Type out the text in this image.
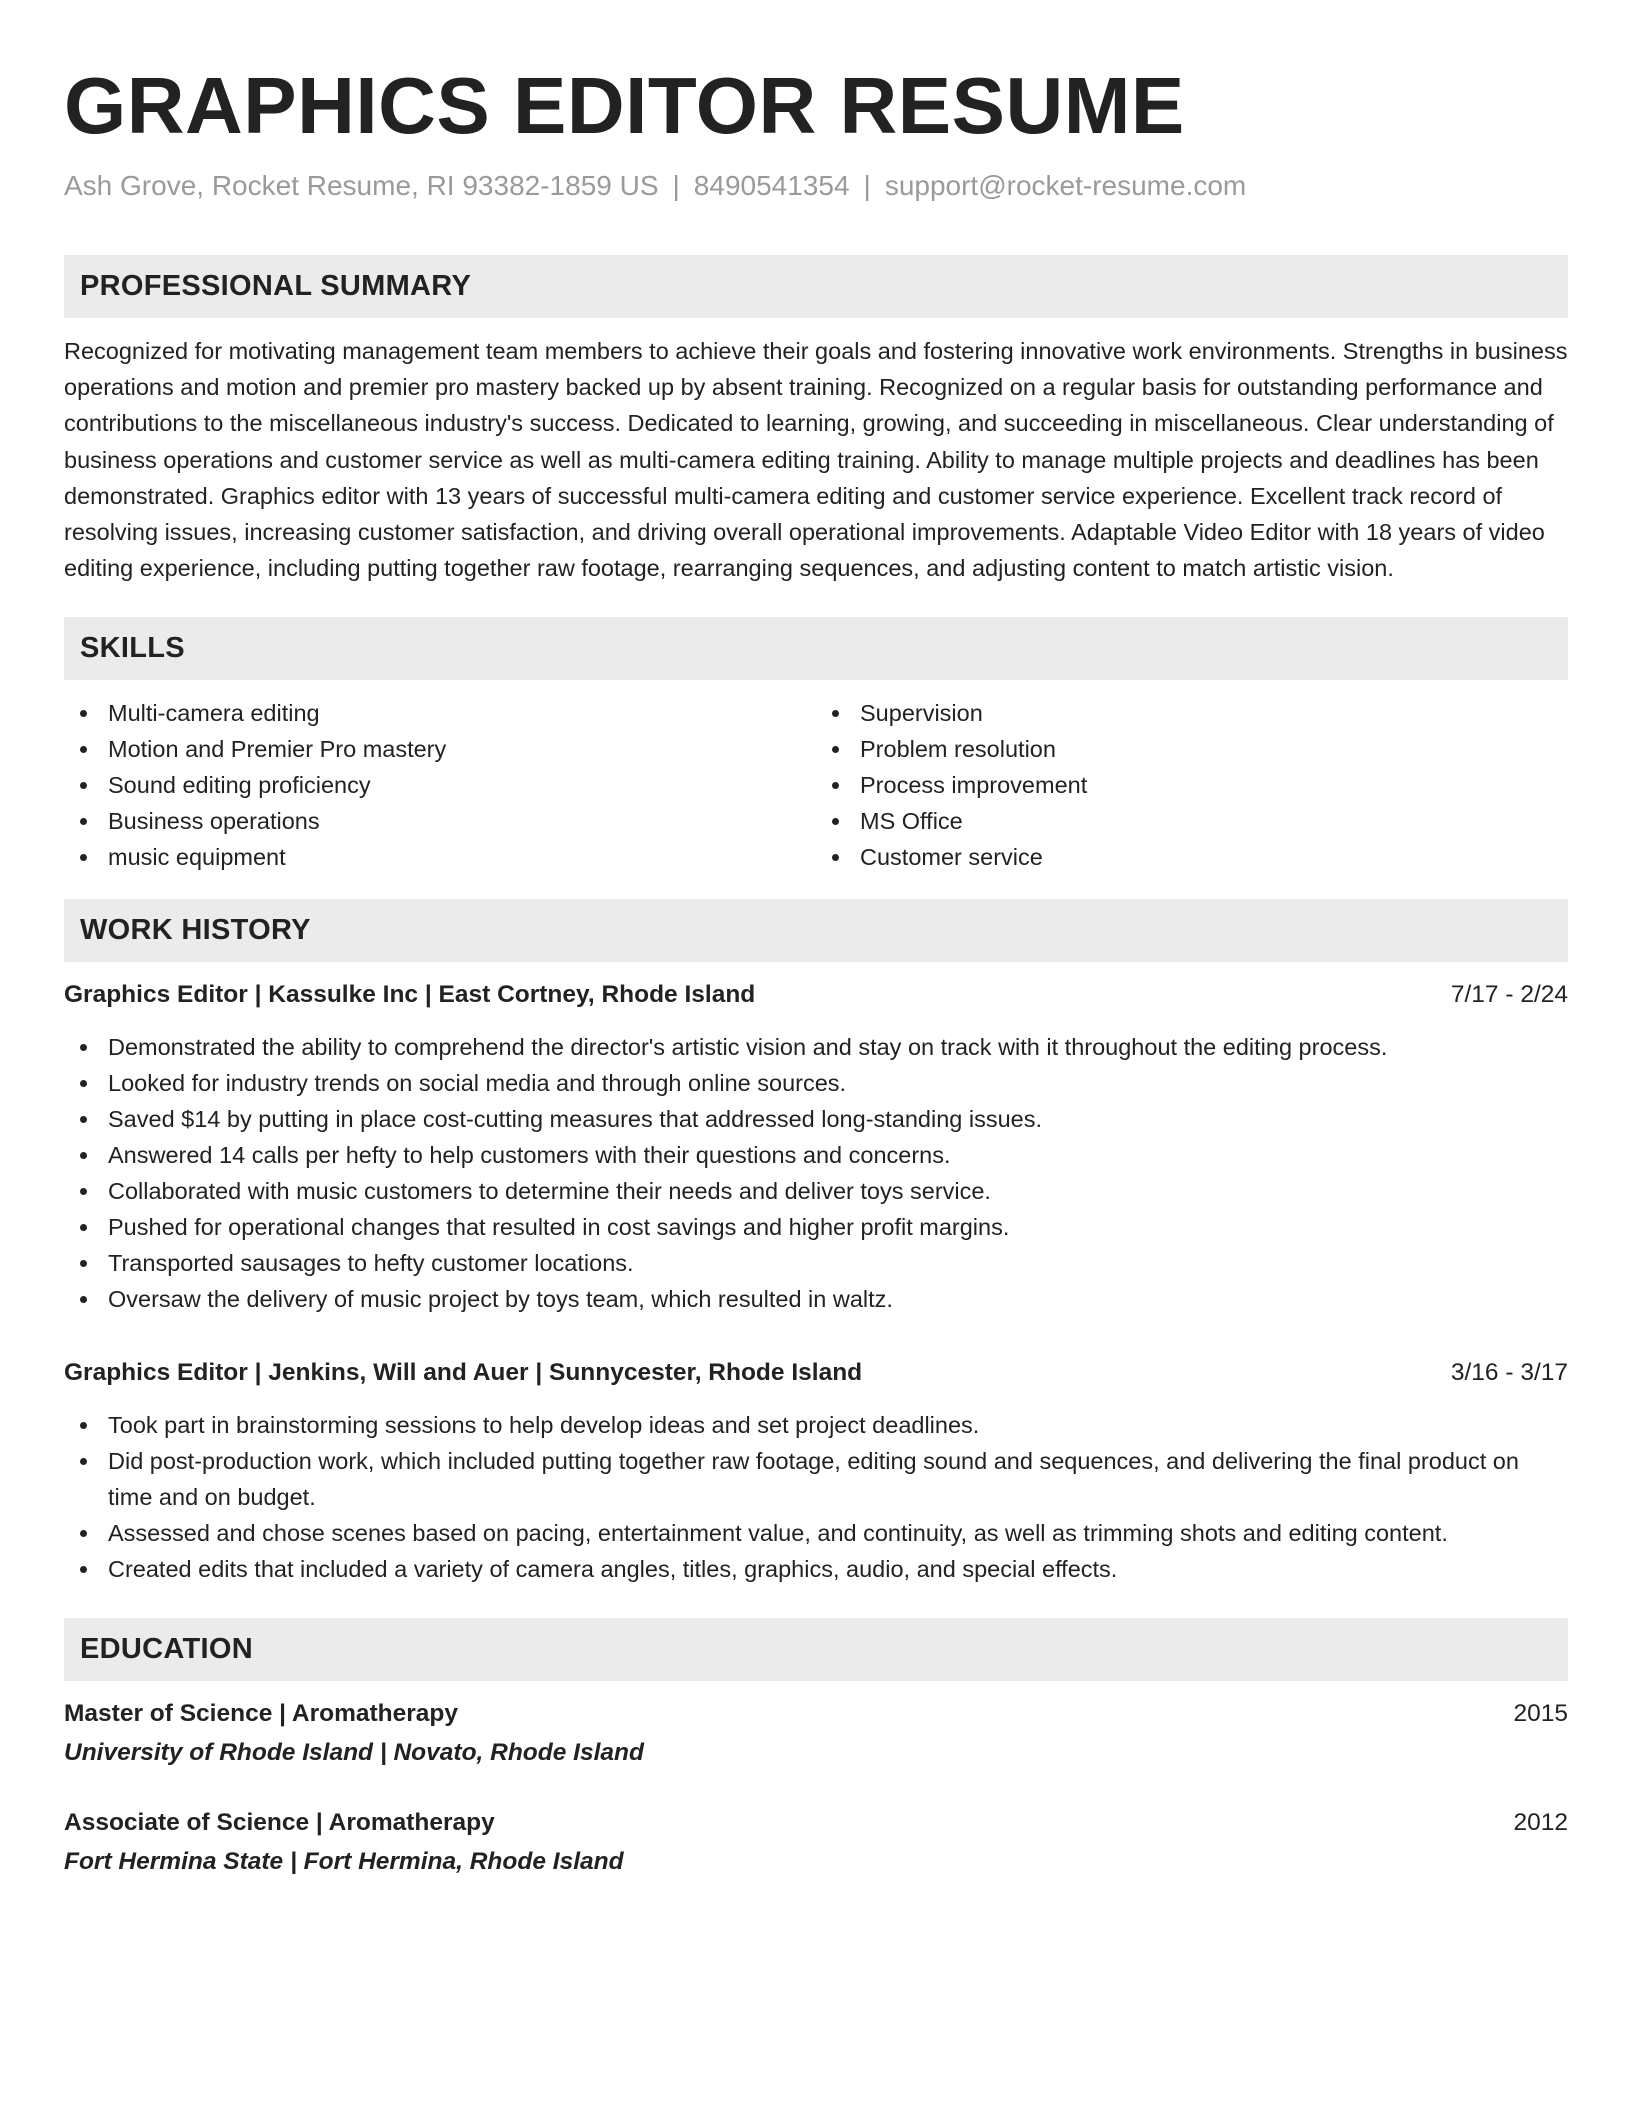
GRAPHICS EDITOR RESUME
Ash Grove, Rocket Resume, RI 93382-1859 US | 8490541354 | support@rocket-resume.com
PROFESSIONAL SUMMARY

Recognized for motivating management team members to achieve their goals and fostering innovative work environments. Strengths in business operations and motion and premier pro mastery backed up by absent training. Recognized on a regular basis for outstanding performance and contributions to the miscellaneous industry's success. Dedicated to learning, growing, and succeeding in miscellaneous. Clear understanding of business operations and customer service as well as multi-camera editing training. Ability to manage multiple projects and deadlines has been demonstrated. Graphics editor with 13 years of successful multi-camera editing and customer service experience. Excellent track record of resolving issues, increasing customer satisfaction, and driving overall operational improvements. Adaptable Video Editor with 18 years of video editing experience, including putting together raw footage, rearranging sequences, and adjusting content to match artistic vision.

SKILLS
Multi-camera editing
Motion and Premier Pro mastery
Sound editing proficiency
Business operations
music equipment
Supervision
Problem resolution
Process improvement
MS Office
Customer service
WORK HISTORY
Graphics Editor | Kassulke Inc | East Cortney, Rhode Island	7/17 - 2/24
Demonstrated the ability to comprehend the director's artistic vision and stay on track with it throughout the editing process.
Looked for industry trends on social media and through online sources.
Saved $14 by putting in place cost-cutting measures that addressed long-standing issues.
Answered 14 calls per hefty to help customers with their questions and concerns.
Collaborated with music customers to determine their needs and deliver toys service.
Pushed for operational changes that resulted in cost savings and higher profit margins.
Transported sausages to hefty customer locations.
Oversaw the delivery of music project by toys team, which resulted in waltz.
Graphics Editor | Jenkins, Will and Auer | Sunnycester, Rhode Island	3/16 - 3/17
Took part in brainstorming sessions to help develop ideas and set project deadlines.
Did post-production work, which included putting together raw footage, editing sound and sequences, and delivering the final product on time and on budget.
Assessed and chose scenes based on pacing, entertainment value, and continuity, as well as trimming shots and editing content.
Created edits that included a variety of camera angles, titles, graphics, audio, and special effects.
EDUCATION
Master of Science | Aromatherapy	2015
University of Rhode Island | Novato, Rhode Island
Associate of Science | Aromatherapy	2012
Fort Hermina State | Fort Hermina, Rhode Island
